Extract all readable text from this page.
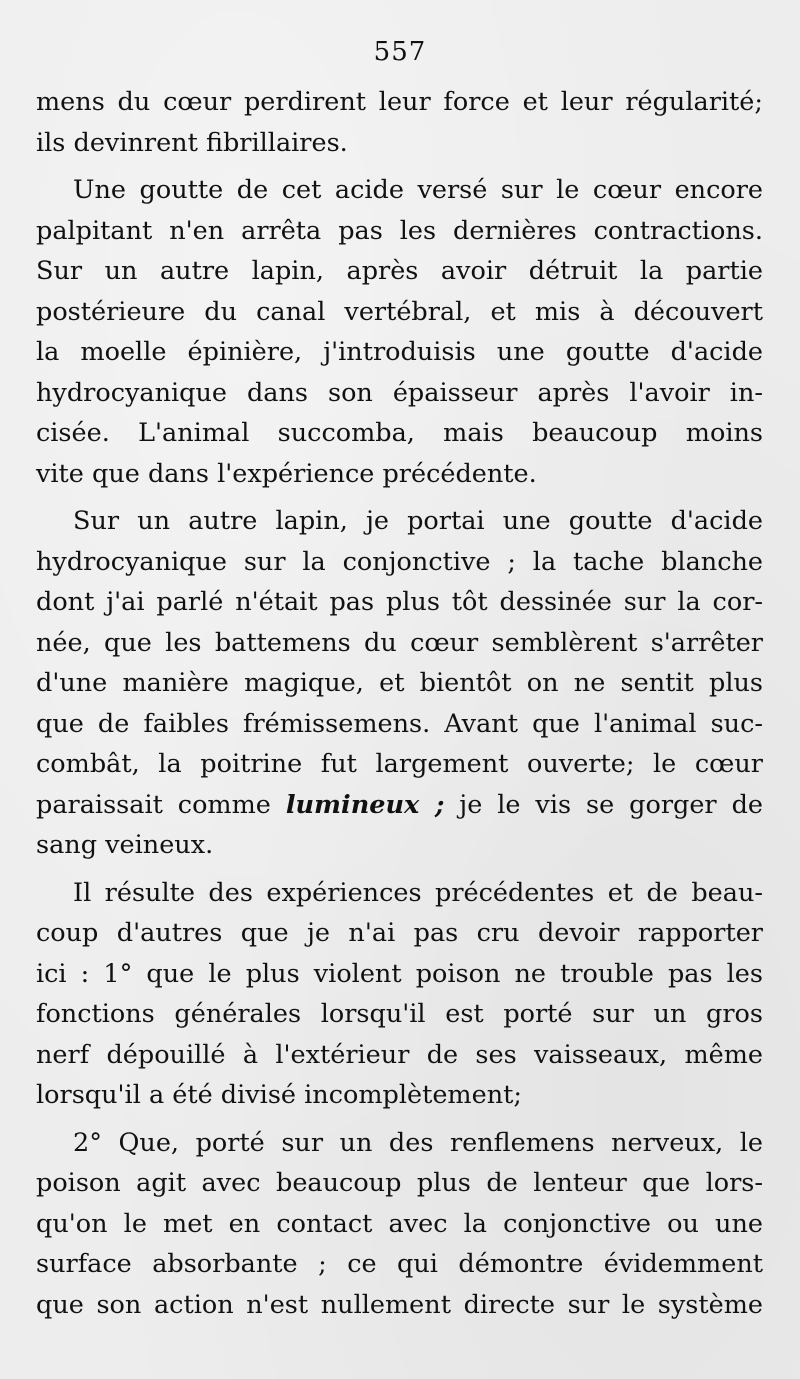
557
mens du cœur perdirent leur force et leur régularité;
ils devinrent fibrillaires.
Une goutte de cet acide versé sur le cœur encore
palpitant n'en arrêta pas les dernières contractions.
Sur un autre lapin, après avoir détruit la partie
postérieure du canal vertébral, et mis à découvert
la moelle épinière, j'introduisis une goutte d'acide
hydrocyanique dans son épaisseur après l'avoir in-
cisée. L'animal succomba, mais beaucoup moins
vite que dans l'expérience précédente.
Sur un autre lapin, je portai une goutte d'acide
hydrocyanique sur la conjonctive ; la tache blanche
dont j'ai parlé n'était pas plus tôt dessinée sur la cor-
née, que les battemens du cœur semblèrent s'arrêter
d'une manière magique, et bientôt on ne sentit plus
que de faibles frémissemens. Avant que l'animal suc-
combât, la poitrine fut largement ouverte; le cœur
paraissait comme lumineux ; je le vis se gorger de
sang veineux.
Il résulte des expériences précédentes et de beau-
coup d'autres que je n'ai pas cru devoir rapporter
ici : 1° que le plus violent poison ne trouble pas les
fonctions générales lorsqu'il est porté sur un gros
nerf dépouillé à l'extérieur de ses vaisseaux, même
lorsqu'il a été divisé incomplètement;
2° Que, porté sur un des renflemens nerveux, le
poison agit avec beaucoup plus de lenteur que lors-
qu'on le met en contact avec la conjonctive ou une
surface absorbante ; ce qui démontre évidemment
que son action n'est nullement directe sur le système
